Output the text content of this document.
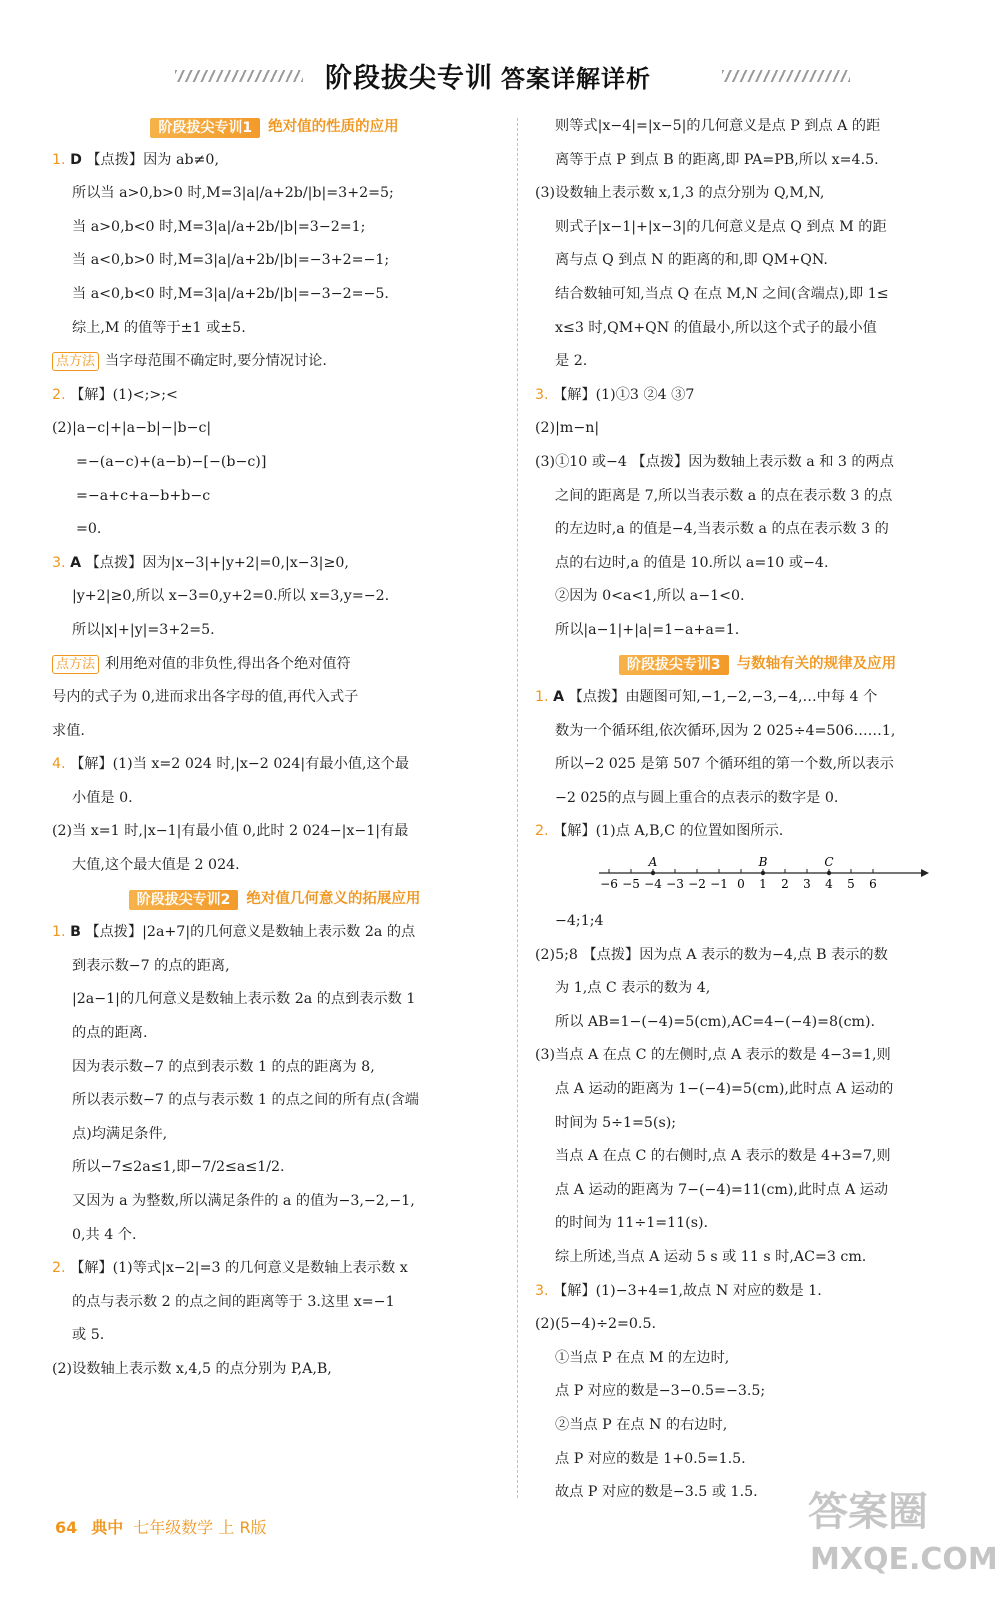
阶段拔尖专训 答案详解详析
阶段拔尖专训1 绝对值的性质的应用
1. D 【点拨】因为 ab≠0,
所以当 a>0,b>0 时,M=3|a|/a+2b/|b|=3+2=5;
当 a>0,b<0 时,M=3|a|/a+2b/|b|=3−2=1;
当 a<0,b>0 时,M=3|a|/a+2b/|b|=−3+2=−1;
当 a<0,b<0 时,M=3|a|/a+2b/|b|=−3−2=−5.
综上,M 的值等于±1 或±5.
点方法 当字母范围不确定时,要分情况讨论.
2. 【解】(1)<;>;<
(2)|a−c|+|a−b|−|b−c|
=−(a−c)+(a−b)−[−(b−c)]
=−a+c+a−b+b−c
=0.
3. A 【点拨】因为|x−3|+|y+2|=0,|x−3|≥0,
|y+2|≥0,所以 x−3=0,y+2=0.所以 x=3,y=−2.
所以|x|+|y|=3+2=5.
点方法 利用绝对值的非负性,得出各个绝对值符
号内的式子为 0,进而求出各字母的值,再代入式子
求值.
4. 【解】(1)当 x=2 024 时,|x−2 024|有最小值,这个最
小值是 0.
(2)当 x=1 时,|x−1|有最小值 0,此时 2 024−|x−1|有最
大值,这个最大值是 2 024.
阶段拔尖专训2 绝对值几何意义的拓展应用
1. B 【点拨】|2a+7|的几何意义是数轴上表示数 2a 的点
到表示数−7 的点的距离,
|2a−1|的几何意义是数轴上表示数 2a 的点到表示数 1
的点的距离.
因为表示数−7 的点到表示数 1 的点的距离为 8,
所以表示数−7 的点与表示数 1 的点之间的所有点(含端
点)均满足条件,
所以−7≤2a≤1,即−7/2≤a≤1/2.
又因为 a 为整数,所以满足条件的 a 的值为−3,−2,−1,
0,共 4 个.
2. 【解】(1)等式|x−2|=3 的几何意义是数轴上表示数 x
的点与表示数 2 的点之间的距离等于 3.这里 x=−1
或 5.
(2)设数轴上表示数 x,4,5 的点分别为 P,A,B,
则等式|x−4|=|x−5|的几何意义是点 P 到点 A 的距
离等于点 P 到点 B 的距离,即 PA=PB,所以 x=4.5.
(3)设数轴上表示数 x,1,3 的点分别为 Q,M,N,
则式子|x−1|+|x−3|的几何意义是点 Q 到点 M 的距
离与点 Q 到点 N 的距离的和,即 QM+QN.
结合数轴可知,当点 Q 在点 M,N 之间(含端点),即 1≤
x≤3 时,QM+QN 的值最小,所以这个式子的最小值
是 2.
3. 【解】(1)①3 ②4 ③7
(2)|m−n|
(3)①10 或−4 【点拨】因为数轴上表示数 a 和 3 的两点
之间的距离是 7,所以当表示数 a 的点在表示数 3 的点
的左边时,a 的值是−4,当表示数 a 的点在表示数 3 的
点的右边时,a 的值是 10.所以 a=10 或−4.
②因为 0<a<1,所以 a−1<0.
所以|a−1|+|a|=1−a+a=1.
阶段拔尖专训3 与数轴有关的规律及应用
1. A 【点拨】由题图可知,−1,−2,−3,−4,…中每 4 个
数为一个循环组,依次循环,因为 2 025÷4=506……1,
所以−2 025 是第 507 个循环组的第一个数,所以表示
−2 025的点与圆上重合的点表示的数字是 0.
2. 【解】(1)点 A,B,C 的位置如图所示.
−6 −5 −4 −3 −2 −1 0 1 2 3 4 5 6
A	B	C
−4;1;4
(2)5;8 【点拨】因为点 A 表示的数为−4,点 B 表示的数
为 1,点 C 表示的数为 4,
所以 AB=1−(−4)=5(cm),AC=4−(−4)=8(cm).
(3)当点 A 在点 C 的左侧时,点 A 表示的数是 4−3=1,则
点 A 运动的距离为 1−(−4)=5(cm),此时点 A 运动的
时间为 5÷1=5(s);
当点 A 在点 C 的右侧时,点 A 表示的数是 4+3=7,则
点 A 运动的距离为 7−(−4)=11(cm),此时点 A 运动
的时间为 11÷1=11(s).
综上所述,当点 A 运动 5 s 或 11 s 时,AC=3 cm.
3. 【解】(1)−3+4=1,故点 N 对应的数是 1.
(2)(5−4)÷2=0.5.
①当点 P 在点 M 的左边时,
点 P 对应的数是−3−0.5=−3.5;
②当点 P 在点 N 的右边时,
点 P 对应的数是 1+0.5=1.5.
故点 P 对应的数是−3.5 或 1.5.
64 典中 七年级数学 上 R版	答案圈
MXQE.COM
